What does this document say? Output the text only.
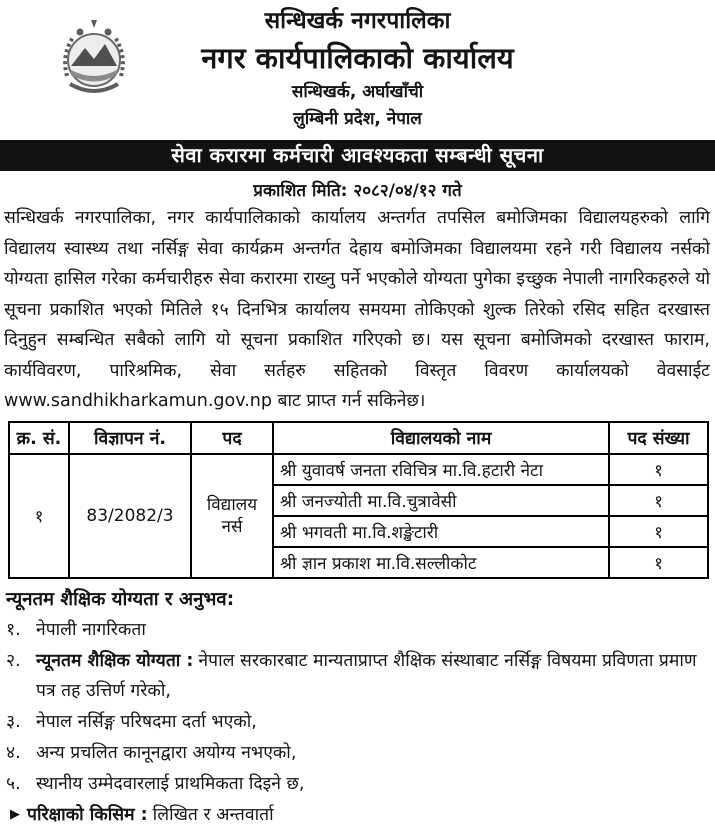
सन्धिखर्क नगरपालिका
नगर कार्यपालिकाको कार्यालय
सन्धिखर्क, अर्घाखाँची
लुम्बिनी प्रदेश, नेपाल
सेवा करारमा कर्मचारी आवश्यकता सम्बन्धी सूचना
प्रकाशित मिति: २०८२/०४/१२ गते

सन्धिखर्क नगरपालिका, नगर कार्यपालिकाको कार्यालय अन्तर्गत तपसिल बमोजिमका विद्यालयहरुको लागि विद्यालय स्वास्थ्य तथा नर्सिङ्ग सेवा कार्यक्रम अन्तर्गत देहाय बमोजिमका विद्यालयमा रहने गरी विद्यालय नर्सको योग्यता हासिल गरेका कर्मचारीहरु सेवा करारमा राख्नु पर्ने भएकोले योग्यता पुगेका इच्छुक नेपाली नागरिकहरुले यो सूचना प्रकाशित भएको मितिले १५ दिनभित्र कार्यालय समयमा तोकिएको शुल्क तिरेको रसिद सहित दरखास्त दिनुहुन सम्बन्धित सबैको लागि यो सूचना प्रकाशित गरिएको छ। यस सूचना बमोजिमको दरखास्त फाराम, कार्यविवरण, पारिश्रमिक, सेवा सर्तहरु सहितको विस्तृत विवरण कार्यालयको वेवसाईट www.sandhikharkamun.gov.np बाट प्राप्त गर्न सकिनेछ।

क्र. सं.	विज्ञापन नं.	पद	विद्यालयको नाम	पद संख्या
१	83/2082/3	विद्यालय नर्स	श्री युवावर्ष जनता रविचित्र मा.वि.हटारी नेटा	१
			श्री जनज्योती मा.वि.चुत्रावेसी	१
			श्री भगवती मा.वि.शङ्खेटारी	१
			श्री ज्ञान प्रकाश मा.वि.सल्लीकोट	१
न्यूनतम शैक्षिक योग्यता र अनुभव:
१. नेपाली नागरिकता
२. न्यूनतम शैक्षिक योग्यता : नेपाल सरकारबाट मान्यताप्राप्त शैक्षिक संस्थाबाट नर्सिङ्ग विषयमा प्रविणता प्रमाण पत्र तह उत्तिर्ण गरेको,
३. नेपाल नर्सिङ्ग परिषदमा दर्ता भएको,
४. अन्य प्रचलित कानूनद्वारा अयोग्य नभएको,
५. स्थानीय उम्मेदवारलाई प्राथमिकता दिइने छ,
▶ परिक्षाको किसिम : लिखित र अन्तवार्ता
